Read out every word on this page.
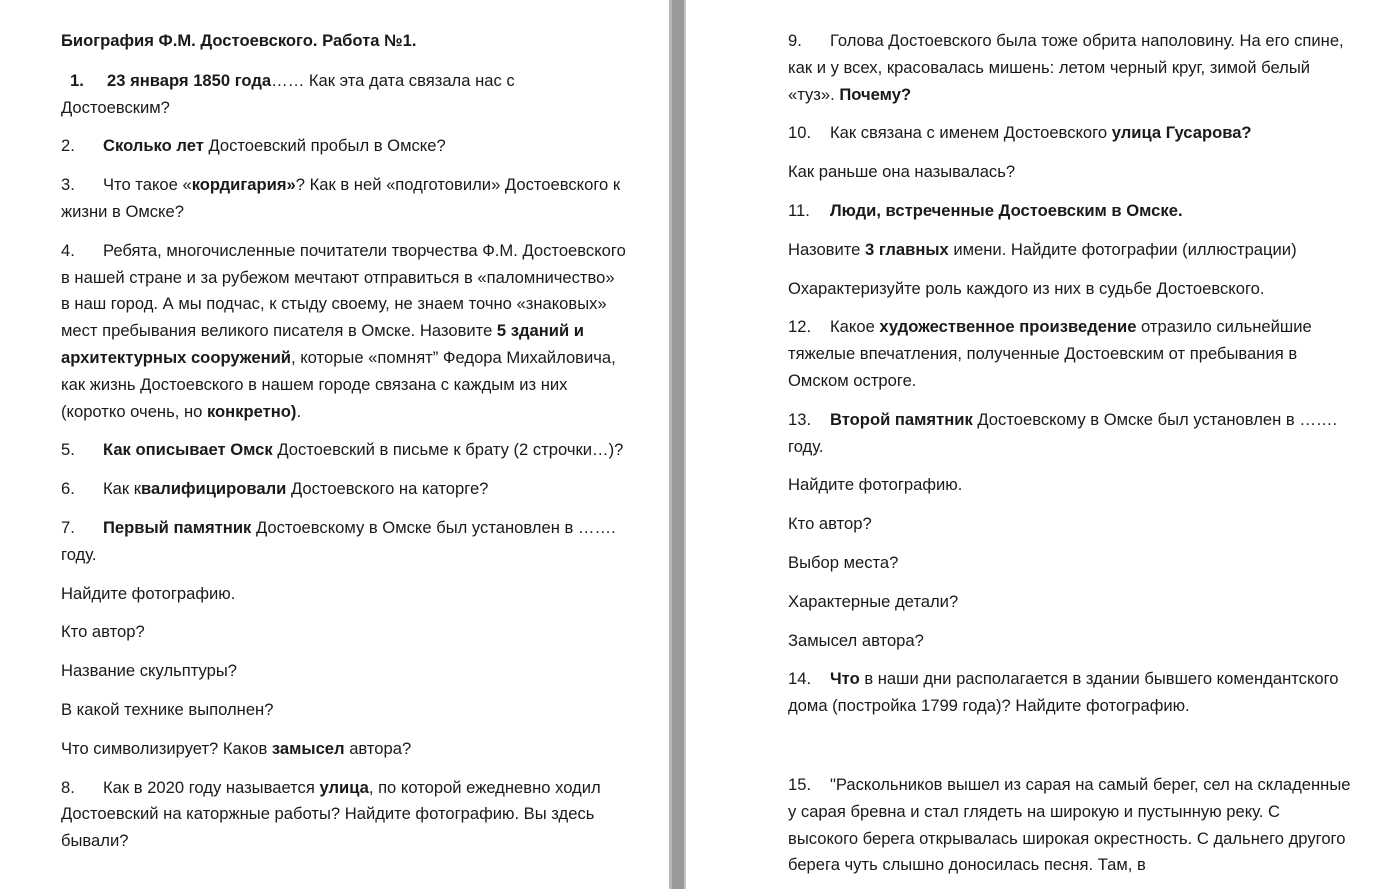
Биография Ф.М. Достоевского. Работа №1.

1. 23 января 1850 года…… Как эта дата связала нас с Достоевским?

2. Сколько лет Достоевский пробыл в Омске?

3. Что такое «кордигария»? Как в ней «подготовили» Достоевского к жизни в Омске?

4. Ребята, многочисленные почитатели творчества Ф.М. Достоевского в нашей стране и за рубежом мечтают отправиться в «паломничество» в наш город. А мы подчас, к стыду своему, не знаем точно «знаковых» мест пребывания великого писателя в Омске. Назовите 5 зданий и архитектурных сооружений, которые «помнят” Федора Михайловича, как жизнь Достоевского в нашем городе связана с каждым из них (коротко очень, но конкретно).

5. Как описывает Омск Достоевский в письме к брату (2 строчки…)?

6. Как квалифицировали Достоевского на каторге?

7. Первый памятник Достоевскому в Омске был установлен в ……. году.

Найдите фотографию.

Кто автор?

Название скульптуры?

В какой технике выполнен?

Что символизирует? Каков замысел автора?

8. Как в 2020 году называется улица, по которой ежедневно ходил Достоевский на каторжные работы? Найдите фотографию. Вы здесь бывали?

9. Голова Достоевского была тоже обрита наполовину. На его спине, как и у всех, красовалась мишень: летом черный круг, зимой белый «туз». Почему?

10. Как связана с именем Достоевского улица Гусарова?

Как раньше она называлась?

11. Люди, встреченные Достоевским в Омске.

Назовите 3 главных имени. Найдите фотографии (иллюстрации)

Охарактеризуйте роль каждого из них в судьбе Достоевского.

12. Какое художественное произведение отразило сильнейшие тяжелые впечатления, полученные Достоевским от пребывания в Омском остроге.

13. Второй памятник Достоевскому в Омске был установлен в ……. году.

Найдите фотографию.

Кто автор?

Выбор места?

Характерные детали?

Замысел автора?

14. Что в наши дни располагается в здании бывшего комендантского дома (постройка 1799 года)? Найдите фотографию.

15. "Раскольников вышел из сарая на самый берег, сел на складенные у сарая бревна и стал глядеть на широкую и пустынную реку. С высокого берега открывалась широкая окрестность. С дальнего другого берега чуть слышно доносилась песня. Там, в
